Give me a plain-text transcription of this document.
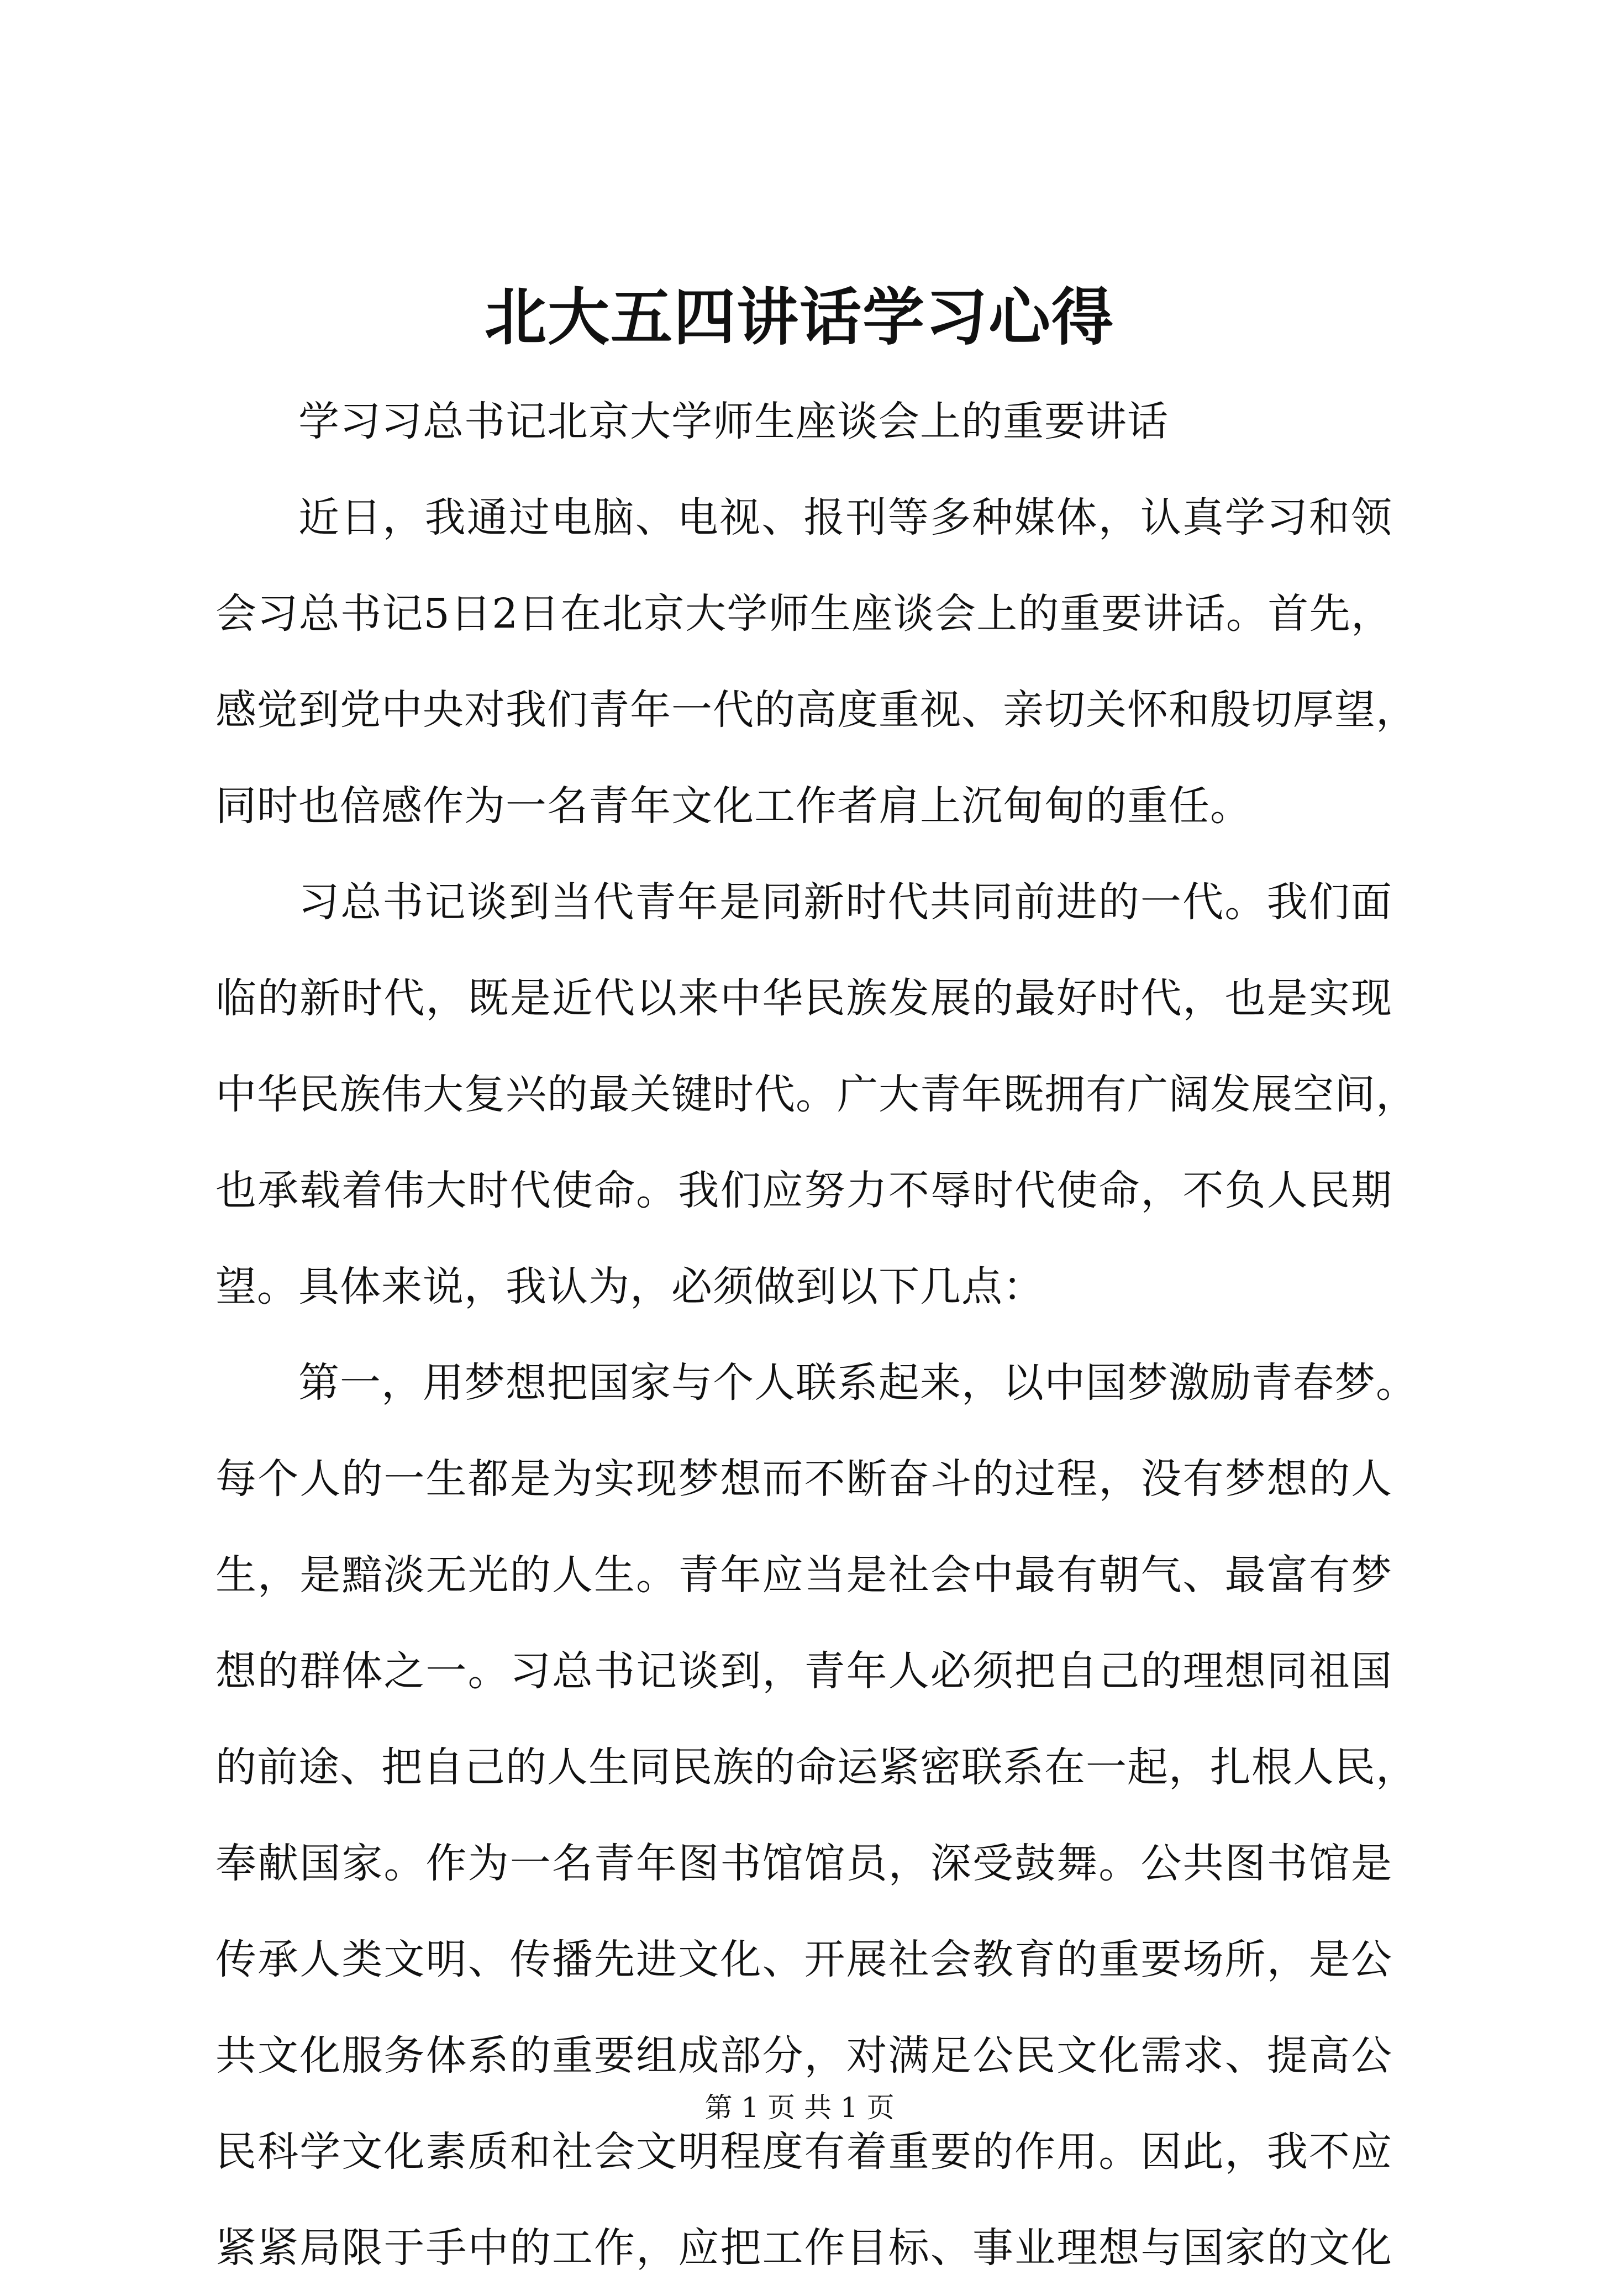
北大五四讲话学习心得
学习习总书记北京大学师生座谈会上的重要讲话
近日，我通过电脑、电视、报刊等多种媒体，认真学习和领
会习总书记5日2日在北京大学师生座谈会上的重要讲话。首先，
感觉到党中央对我们青年一代的高度重视、亲切关怀和殷切厚望，
同时也倍感作为一名青年文化工作者肩上沉甸甸的重任。
习总书记谈到当代青年是同新时代共同前进的一代。我们面
临的新时代，既是近代以来中华民族发展的最好时代，也是实现
中华民族伟大复兴的最关键时代。广大青年既拥有广阔发展空间，
也承载着伟大时代使命。我们应努力不辱时代使命，不负人民期
望。具体来说，我认为，必须做到以下几点：
第一，用梦想把国家与个人联系起来，以中国梦激励青春梦。
每个人的一生都是为实现梦想而不断奋斗的过程，没有梦想的人
生，是黯淡无光的人生。青年应当是社会中最有朝气、最富有梦
想的群体之一。习总书记谈到，青年人必须把自己的理想同祖国
的前途、把自己的人生同民族的命运紧密联系在一起，扎根人民，
奉献国家。作为一名青年图书馆馆员，深受鼓舞。公共图书馆是
传承人类文明、传播先进文化、开展社会教育的重要场所，是公
共文化服务体系的重要组成部分，对满足公民文化需求、提高公
民科学文化素质和社会文明程度有着重要的作用。因此，我不应
紧紧局限于手中的工作，应把工作目标、事业理想与国家的文化
第 1 页 共 1 页
